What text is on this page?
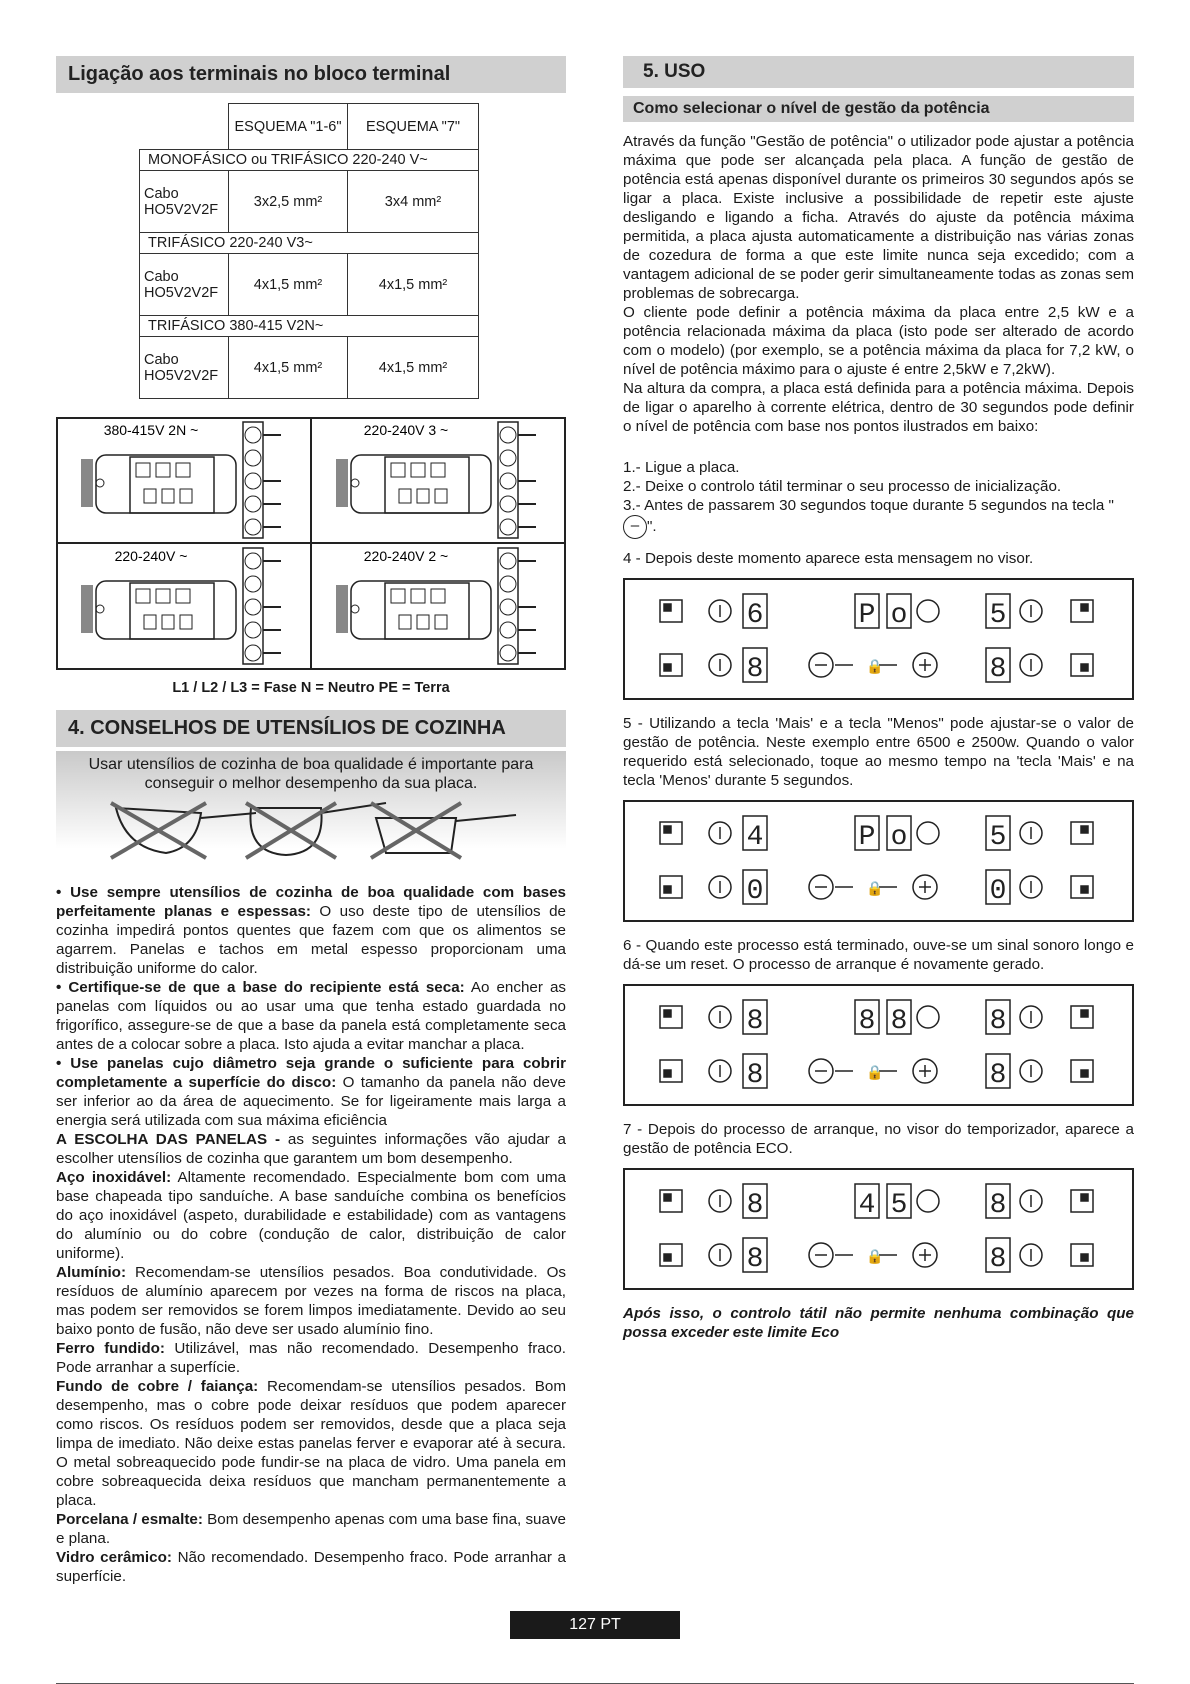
Ligação aos terminais no bloco terminal
	ESQUEMA "1-6"	ESQUEMA "7"
MONOFÁSICO ou TRIFÁSICO 220-240 V~		
Cabo HO5V2V2F	3x2,5 mm²	3x4 mm²
TRIFÁSICO 220-240 V3~		
Cabo HO5V2V2F	4x1,5 mm²	4x1,5 mm²
TRIFÁSICO 380-415 V2N~		
Cabo HO5V2V2F	4x1,5 mm²	4x1,5 mm²
380-415V 2N ~	220-240V 3 ~
220-240V ~	220-240V 2 ~
L1 / L2 / L3 = Fase N = Neutro PE = Terra
4. CONSELHOS DE UTENSÍLIOS DE COZINHA
Usar utensílios de cozinha de boa qualidade é importante para conseguir o melhor desempenho da sua placa.

• Use sempre utensílios de cozinha de boa qualidade com bases perfeitamente planas e espessas: O uso deste tipo de utensílios de cozinha impedirá pontos quentes que fazem com que os alimentos se agarrem. Panelas e tachos em metal espesso proporcionam uma distribuição uniforme do calor.

• Certifique-se de que a base do recipiente está seca: Ao encher as panelas com líquidos ou ao usar uma que tenha estado guardada no frigorífico, assegure-se de que a base da panela está completamente seca antes de a colocar sobre a placa. Isto ajuda a evitar manchar a placa.

• Use panelas cujo diâmetro seja grande o suficiente para cobrir completamente a superfície do disco: O tamanho da panela não deve ser inferior ao da área de aquecimento. Se for ligeiramente mais larga a energia será utilizada com sua máxima eficiência

A ESCOLHA DAS PANELAS - as seguintes informações vão ajudar a escolher utensílios de cozinha que garantem um bom desempenho.

Aço inoxidável: Altamente recomendado. Especialmente bom com uma base chapeada tipo sanduíche. A base sanduíche combina os benefícios do aço inoxidável (aspeto, durabilidade e estabilidade) com as vantagens do alumínio ou do cobre (condução de calor, distribuição de calor uniforme).

Alumínio: Recomendam-se utensílios pesados. Boa condutividade. Os resíduos de alumínio aparecem por vezes na forma de riscos na placa, mas podem ser removidos se forem limpos imediatamente. Devido ao seu baixo ponto de fusão, não deve ser usado alumínio fino.

Ferro fundido: Utilizável, mas não recomendado. Desempenho fraco. Pode arranhar a superfície.

Fundo de cobre / faiança: Recomendam-se utensílios pesados. Bom desempenho, mas o cobre pode deixar resíduos que podem aparecer como riscos. Os resíduos podem ser removidos, desde que a placa seja limpa de imediato. Não deixe estas panelas ferver e evaporar até à secura. O metal sobreaquecido pode fundir-se na placa de vidro. Uma panela em cobre sobreaquecida deixa resíduos que mancham permanentemente a placa.

Porcelana / esmalte: Bom desempenho apenas com uma base fina, suave e plana.

Vidro cerâmico: Não recomendado. Desempenho fraco. Pode arranhar a superfície.

5. USO
Como selecionar o nível de gestão da potência

Através da função "Gestão de potência" o utilizador pode ajustar a potência máxima que pode ser alcançada pela placa. A função de gestão de potência está apenas disponível durante os primeiros 30 segundos após se ligar a placa. Existe inclusive a possibilidade de repetir este ajuste desligando e ligando a ficha. Através do ajuste da potência máxima permitida, a placa ajusta automaticamente a distribuição nas várias zonas de cozedura de forma a que este limite nunca seja excedido; com a vantagem adicional de se poder gerir simultaneamente todas as zonas sem problemas de sobrecarga.

O cliente pode definir a potência máxima da placa entre 2,5 kW e a potência relacionada máxima da placa (isto pode ser alterado de acordo com o modelo) (por exemplo, se a potência máxima da placa for 7,2 kW, o nível de potência máximo para o ajuste é entre 2,5kW e 7,2kW).

Na altura da compra, a placa está definida para a potência máxima. Depois de ligar o aparelho à corrente elétrica, dentro de 30 segundos pode definir o nível de potência com base nos pontos ilustrados em baixo:

1.- Ligue a placa.
2.- Deixe o controlo tátil terminar o seu processo de inicialização.
3.- Antes de passarem 30 segundos toque durante 5 segundos na tecla "– ".
4 - Depois deste momento aparece esta mensagem no visor.
6
8
P o	5
8
🔒
5 - Utilizando a tecla 'Mais' e a tecla "Menos" pode ajustar-se o valor de gestão de potência. Neste exemplo entre 6500 e 2500w. Quando o valor requerido está selecionado, toque ao mesmo tempo na 'tecla 'Mais' e na tecla 'Menos' durante 5 segundos.
4
0
P o	5
0
🔒
6 - Quando este processo está terminado, ouve-se um sinal sonoro longo e dá-se um reset. O processo de arranque é novamente gerado.
8
8
8 8	8
8
🔒
7 - Depois do processo de arranque, no visor do temporizador, aparece a gestão de potência ECO.
8
8
4 5	8
8
🔒
Após isso, o controlo tátil não permite nenhuma combinação que possa exceder este limite Eco
127 PT
